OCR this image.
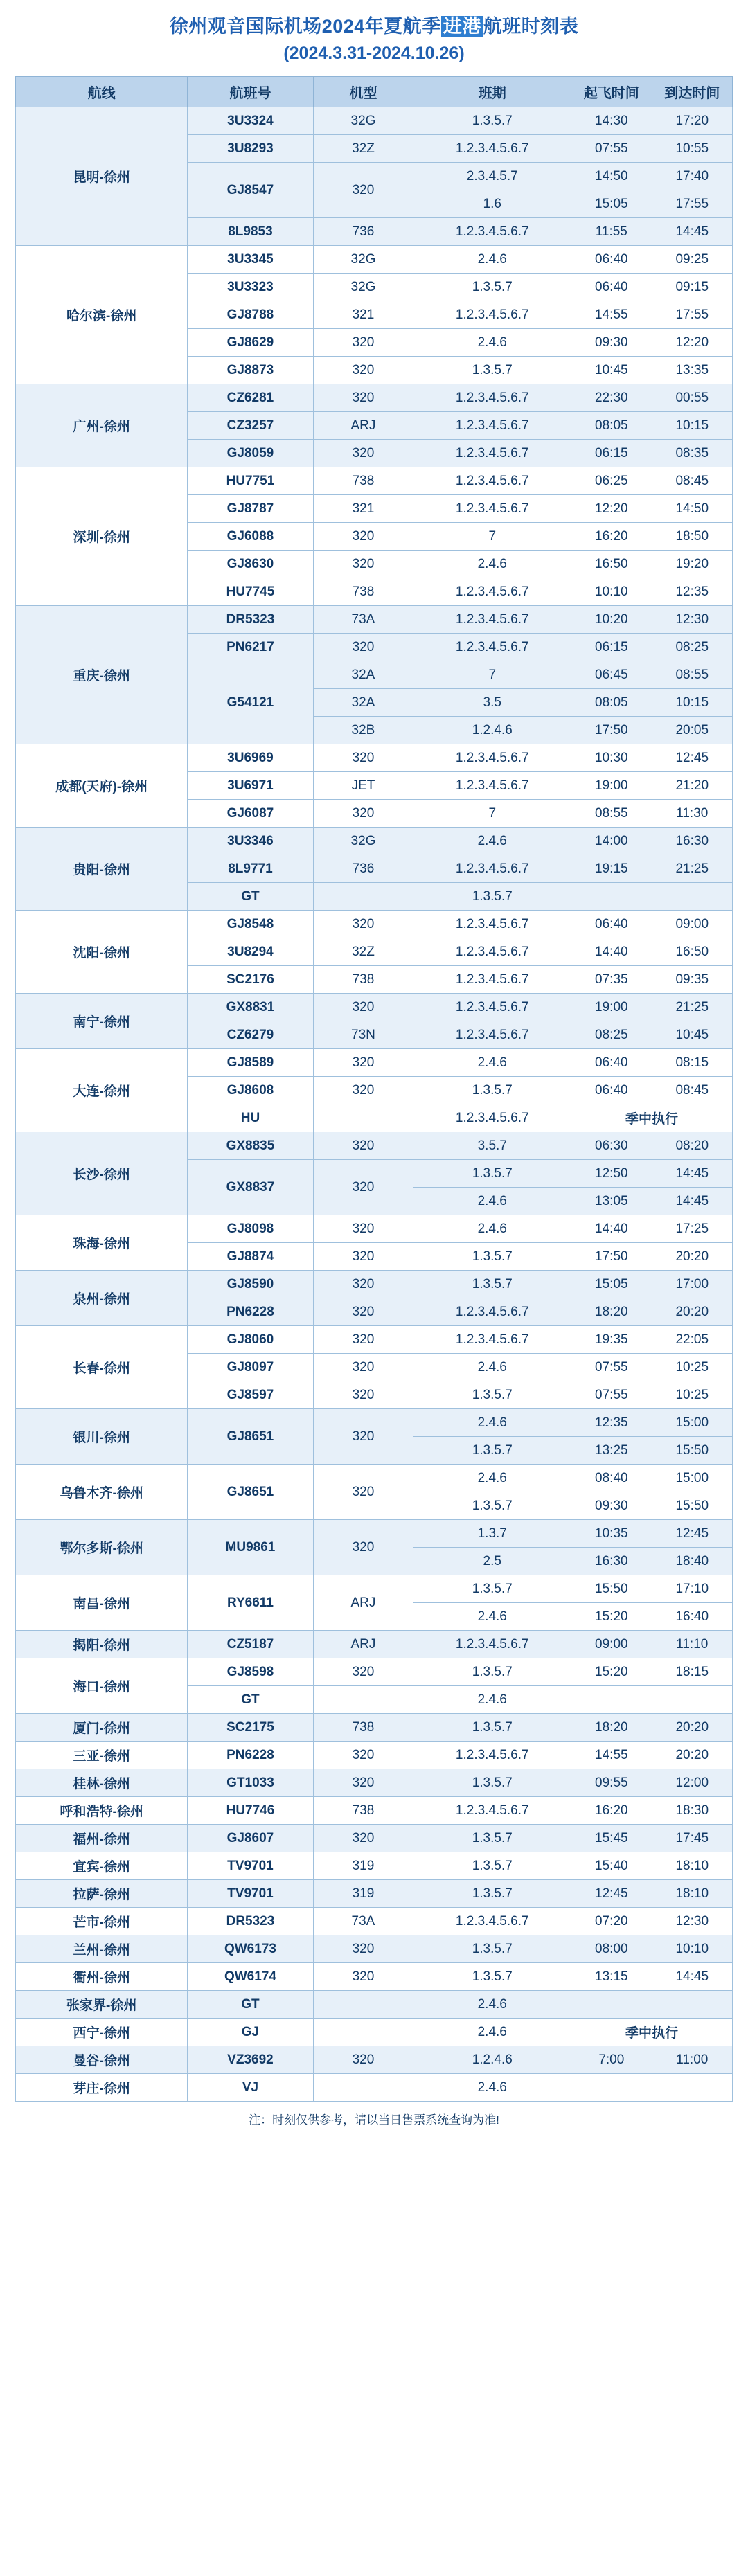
徐州观音国际机场2024年夏航季 进港 航班时刻表
(2024.3.31-2024.10.26)
航线	航班号	机型	班期	起飞时间	到达时间
昆明-徐州	3U3324	32G	1.3.5.7	14:30	17:20
	3U8293	32Z	1.2.3.4.5.6.7	07:55	10:55
	GJ8547	320	2.3.4.5.7	14:50	17:40
			1.6	15:05	17:55
	8L9853	736	1.2.3.4.5.6.7	11:55	14:45
哈尔滨-徐州	3U3345	32G	2.4.6	06:40	09:25
	3U3323	32G	1.3.5.7	06:40	09:15
	GJ8788	321	1.2.3.4.5.6.7	14:55	17:55
	GJ8629	320	2.4.6	09:30	12:20
	GJ8873	320	1.3.5.7	10:45	13:35
广州-徐州	CZ6281	320	1.2.3.4.5.6.7	22:30	00:55
	CZ3257	ARJ	1.2.3.4.5.6.7	08:05	10:15
	GJ8059	320	1.2.3.4.5.6.7	06:15	08:35
深圳-徐州	HU7751	738	1.2.3.4.5.6.7	06:25	08:45
	GJ8787	321	1.2.3.4.5.6.7	12:20	14:50
	GJ6088	320	7	16:20	18:50
	GJ8630	320	2.4.6	16:50	19:20
	HU7745	738	1.2.3.4.5.6.7	10:10	12:35
重庆-徐州	DR5323	73A	1.2.3.4.5.6.7	10:20	12:30
	PN6217	320	1.2.3.4.5.6.7	06:15	08:25
	G54121	32A	7	06:45	08:55
		32A	3.5	08:05	10:15
		32B	1.2.4.6	17:50	20:05
成都(天府)-徐州	3U6969	320	1.2.3.4.5.6.7	10:30	12:45
	3U6971	JET	1.2.3.4.5.6.7	19:00	21:20
	GJ6087	320	7	08:55	11:30
贵阳-徐州	3U3346	32G	2.4.6	14:00	16:30
	8L9771	736	1.2.3.4.5.6.7	19:15	21:25
	GT		1.3.5.7		
沈阳-徐州	GJ8548	320	1.2.3.4.5.6.7	06:40	09:00
	3U8294	32Z	1.2.3.4.5.6.7	14:40	16:50
	SC2176	738	1.2.3.4.5.6.7	07:35	09:35
南宁-徐州	GX8831	320	1.2.3.4.5.6.7	19:00	21:25
	CZ6279	73N	1.2.3.4.5.6.7	08:25	10:45
大连-徐州	GJ8589	320	2.4.6	06:40	08:15
	GJ8608	320	1.3.5.7	06:40	08:45
	HU		1.2.3.4.5.6.7	季中执行	
长沙-徐州	GX8835	320	3.5.7	06:30	08:20
	GX8837	320	1.3.5.7	12:50	14:45
			2.4.6	13:05	14:45
珠海-徐州	GJ8098	320	2.4.6	14:40	17:25
	GJ8874	320	1.3.5.7	17:50	20:20
泉州-徐州	GJ8590	320	1.3.5.7	15:05	17:00
	PN6228	320	1.2.3.4.5.6.7	18:20	20:20
长春-徐州	GJ8060	320	1.2.3.4.5.6.7	19:35	22:05
	GJ8097	320	2.4.6	07:55	10:25
	GJ8597	320	1.3.5.7	07:55	10:25
银川-徐州	GJ8651	320	2.4.6	12:35	15:00
			1.3.5.7	13:25	15:50
乌鲁木齐-徐州	GJ8651	320	2.4.6	08:40	15:00
			1.3.5.7	09:30	15:50
鄂尔多斯-徐州	MU9861	320	1.3.7	10:35	12:45
			2.5	16:30	18:40
南昌-徐州	RY6611	ARJ	1.3.5.7	15:50	17:10
			2.4.6	15:20	16:40
揭阳-徐州	CZ5187	ARJ	1.2.3.4.5.6.7	09:00	11:10
海口-徐州	GJ8598	320	1.3.5.7	15:20	18:15
	GT		2.4.6		
厦门-徐州	SC2175	738	1.3.5.7	18:20	20:20
三亚-徐州	PN6228	320	1.2.3.4.5.6.7	14:55	20:20
桂林-徐州	GT1033	320	1.3.5.7	09:55	12:00
呼和浩特-徐州	HU7746	738	1.2.3.4.5.6.7	16:20	18:30
福州-徐州	GJ8607	320	1.3.5.7	15:45	17:45
宜宾-徐州	TV9701	319	1.3.5.7	15:40	18:10
拉萨-徐州	TV9701	319	1.3.5.7	12:45	18:10
芒市-徐州	DR5323	73A	1.2.3.4.5.6.7	07:20	12:30
兰州-徐州	QW6173	320	1.3.5.7	08:00	10:10
衢州-徐州	QW6174	320	1.3.5.7	13:15	14:45
张家界-徐州	GT		2.4.6		
西宁-徐州	GJ		2.4.6	季中执行	
曼谷-徐州	VZ3692	320	1.2.4.6	7:00	11:00
芽庄-徐州	VJ		2.4.6		
注：时刻仅供参考，请以当日售票系统查询为准!
